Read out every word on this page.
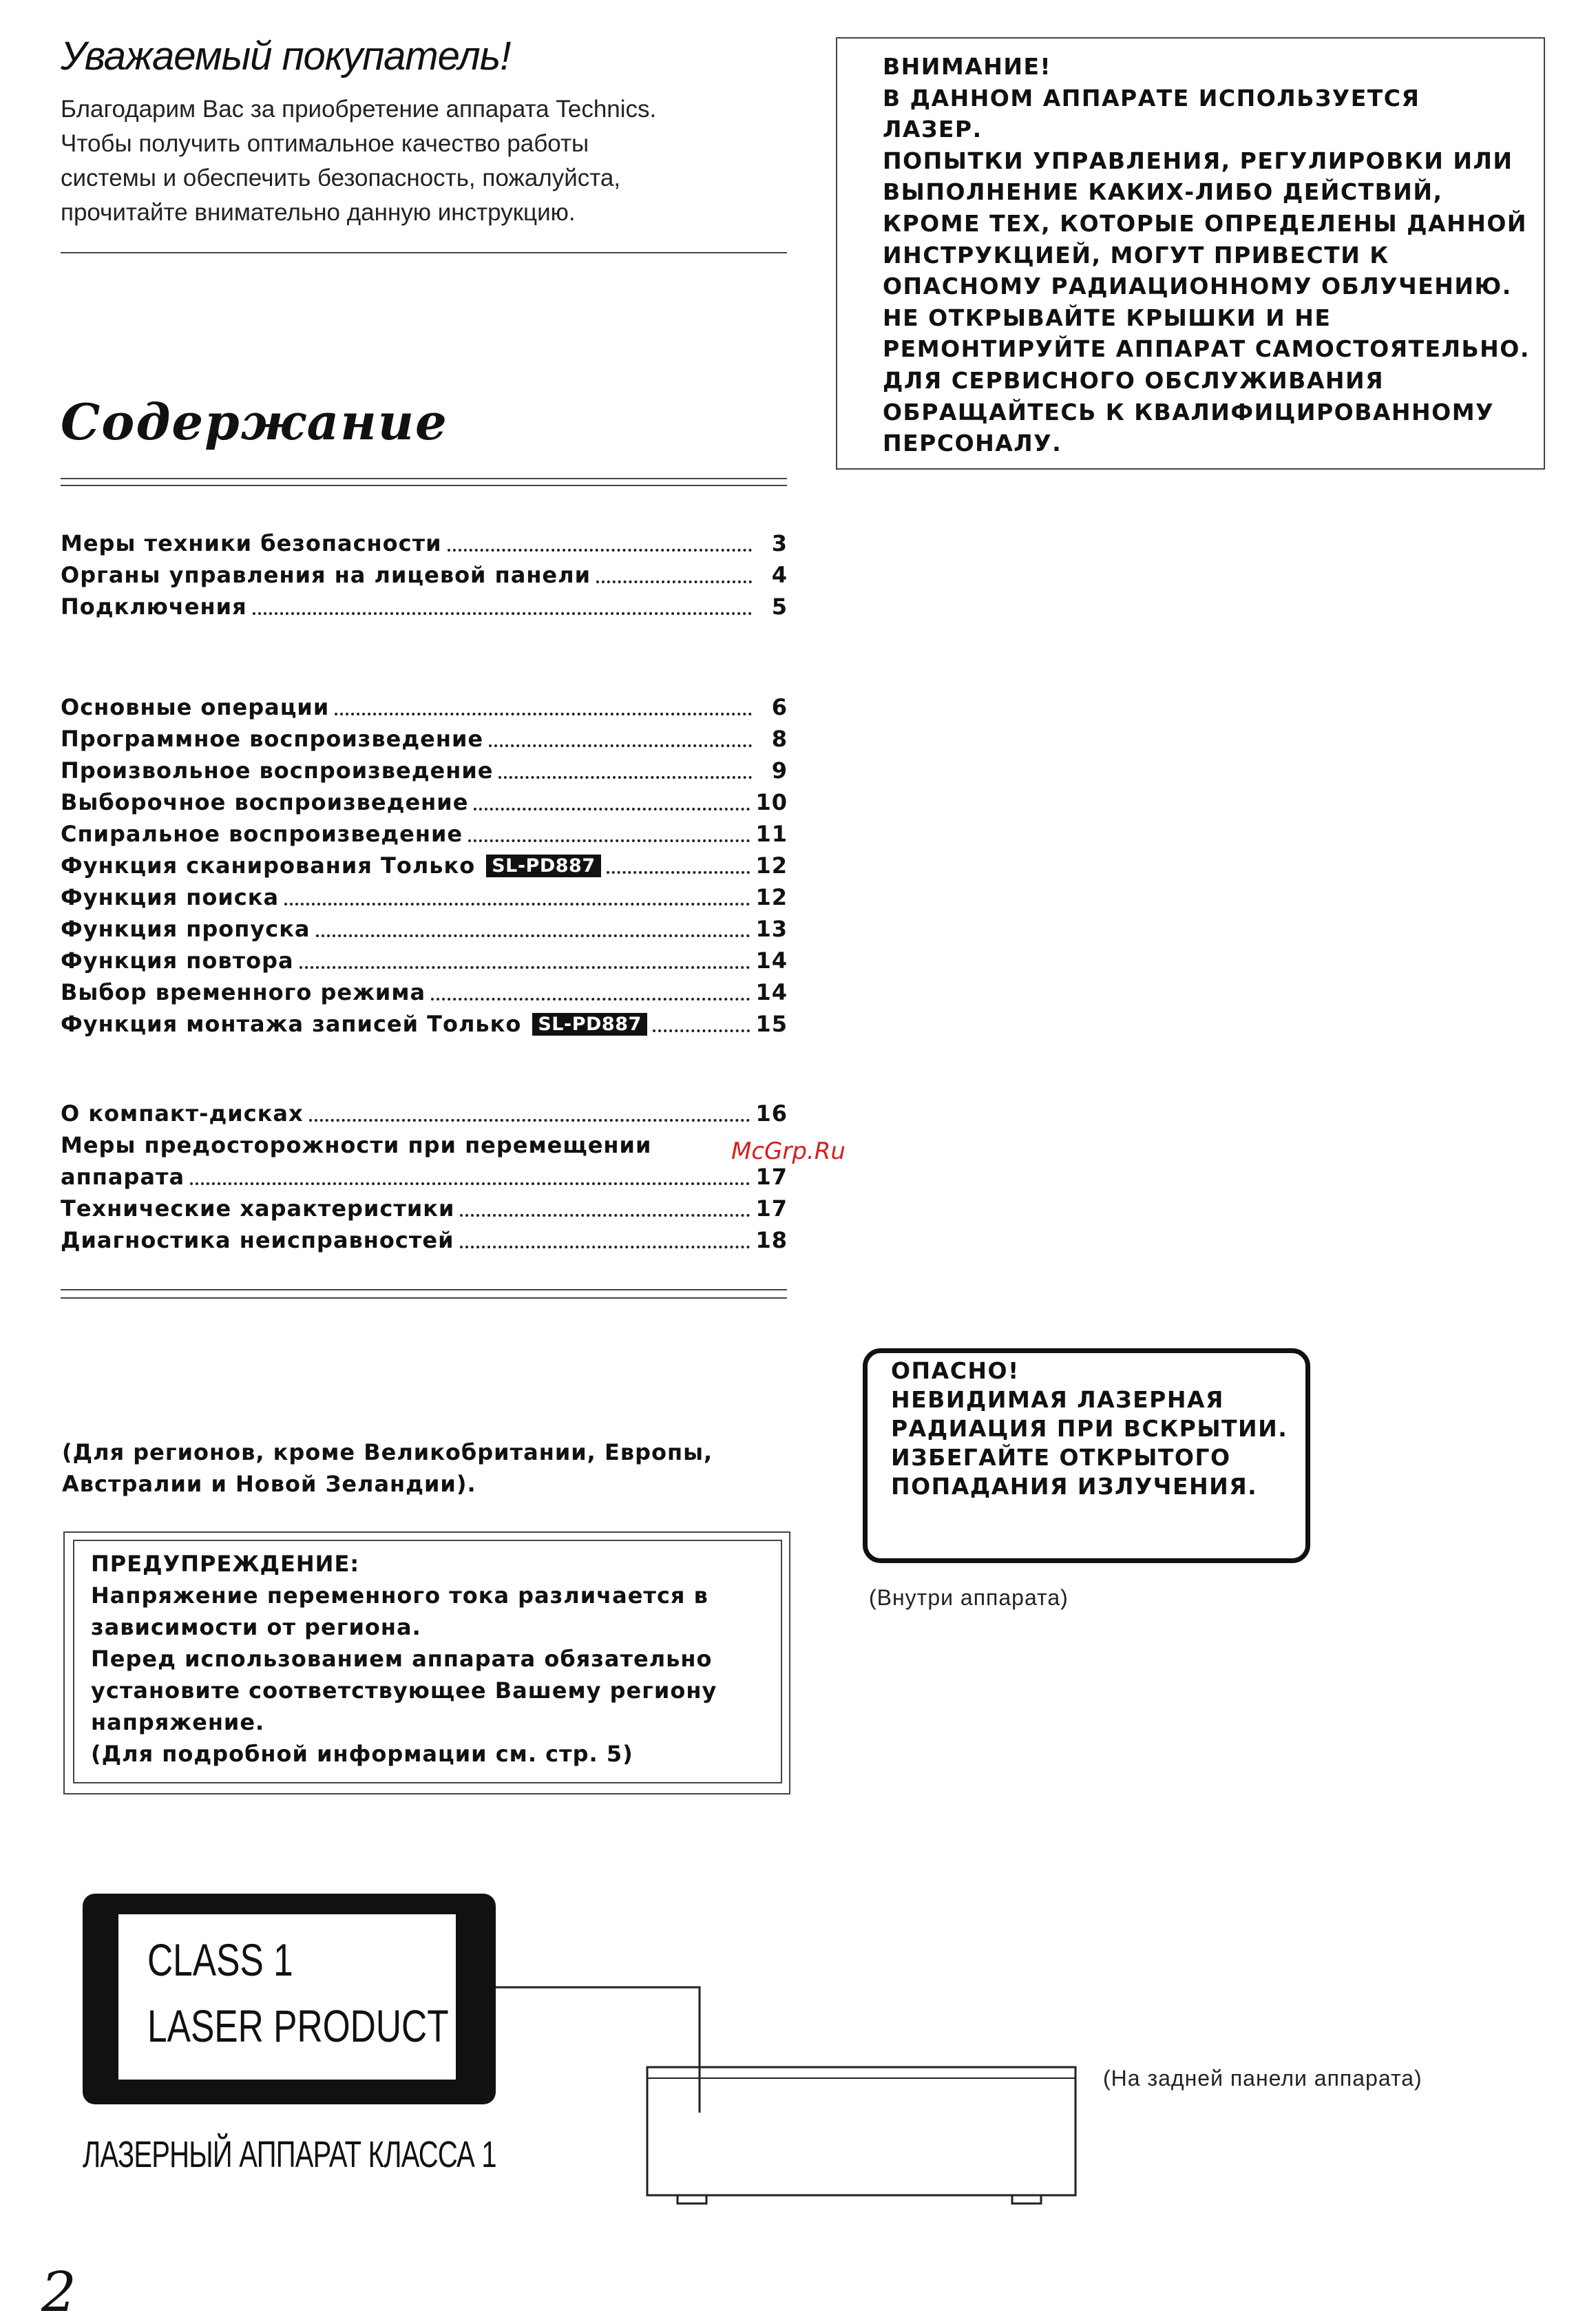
Уважаемый покупатель!
Благодарим Вас за приобретение аппарата Technics.
Чтобы получить оптимальное качество работы
системы и обеспечить безопасность, пожалуйста,
прочитайте внимательно данную инструкцию.
ВНИМАНИЕ!
В ДАННОМ АППАРАТЕ ИСПОЛЬЗУЕТСЯ
ЛАЗЕР.
ПОПЫТКИ УПРАВЛЕНИЯ, РЕГУЛИРОВКИ ИЛИ
ВЫПОЛНЕНИЕ КАКИХ-ЛИБО ДЕЙСТВИЙ,
КРОМЕ ТЕХ, КОТОРЫЕ ОПРЕДЕЛЕНЫ ДАННОЙ
ИНСТРУКЦИЕЙ, МОГУТ ПРИВЕСТИ К
ОПАСНОМУ РАДИАЦИОННОМУ ОБЛУЧЕНИЮ.
НЕ ОТКРЫВАЙТЕ КРЫШКИ И НЕ
РЕМОНТИРУЙТЕ АППАРАТ САМОСТОЯТЕЛЬНО.
ДЛЯ СЕРВИСНОГО ОБСЛУЖИВАНИЯ
ОБРАЩАЙТЕСЬ К КВАЛИФИЦИРОВАННОМУ
ПЕРСОНАЛУ.
Содержание
Меры техники безопасности	3
Органы управления на лицевой панели	4
Подключения	5
Основные операции	6
Программное воспроизведение	8
Произвольное воспроизведение	9
Выборочное воспроизведение	10
Спиральное воспроизведение	11
Функция сканирования Только SL-PD887	12
Функция поиска	12
Функция пропуска	13
Функция повтора	14
Выбор временного режима	14
Функция монтажа записей Только SL-PD887	15
О компакт-дисках	16
Меры предосторожности при перемещении
аппарата	17
Технические характеристики	17
Диагностика неисправностей	18
McGrp.Ru
(Для регионов, кроме Великобритании, Европы,
Австралии и Новой Зеландии).
ПРЕДУПРЕЖДЕНИЕ:
Напряжение переменного тока различается в
зависимости от региона.
Перед использованием аппарата обязательно
установите соответствующее Вашему региону
напряжение.
(Для подробной информации см. стр. 5)
ОПАСНО!
НЕВИДИМАЯ ЛАЗЕРНАЯ
РАДИАЦИЯ ПРИ ВСКРЫТИИ.
ИЗБЕГАЙТЕ ОТКРЫТОГО
ПОПАДАНИЯ ИЗЛУЧЕНИЯ.
(Внутри аппарата)
CLASS 1
LASER PRODUCT
ЛАЗЕРНЫЙ АППАРАТ КЛАССА 1
(На задней панели аппарата)
2
